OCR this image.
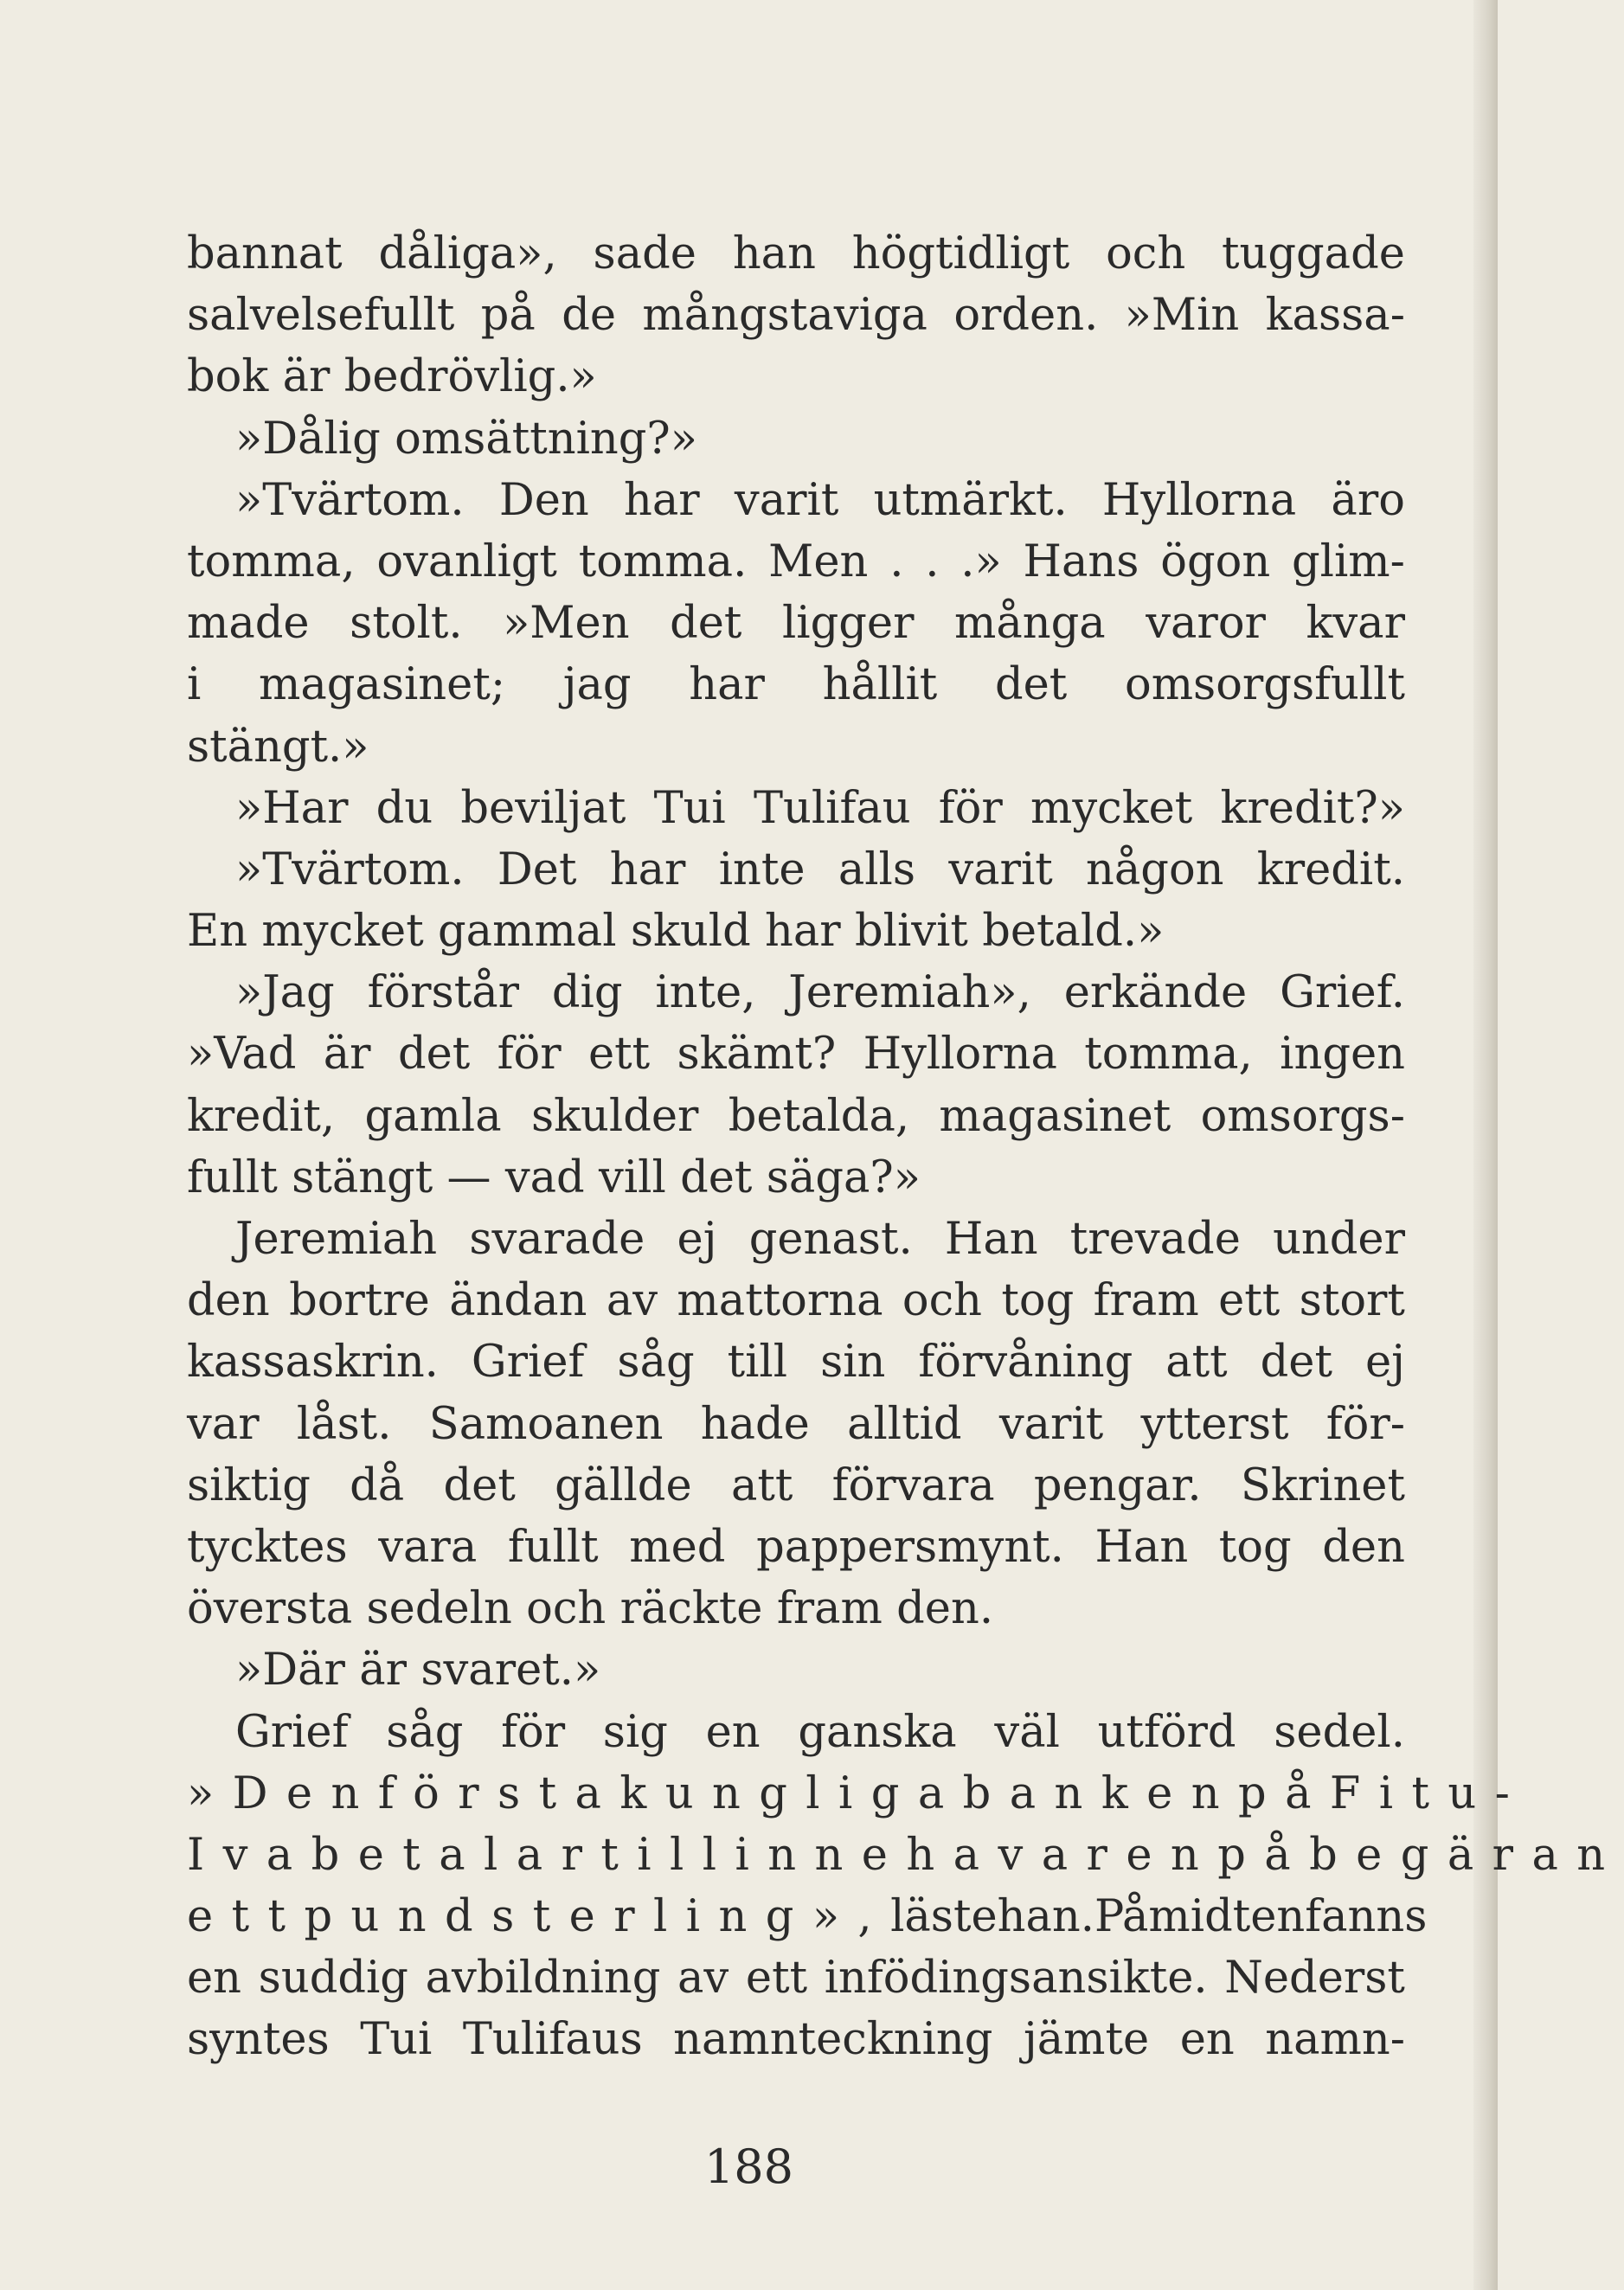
bannat dåliga», sade han högtidligt och tuggade
salvelsefullt på de mångstaviga orden. »Min kassa-
bok är bedrövlig.»
»Dålig omsättning?»
»Tvärtom. Den har varit utmärkt. Hyllorna äro
tomma, ovanligt tomma. Men . . .» Hans ögon glim-
made stolt. »Men det ligger många varor kvar
i magasinet; jag har hållit det omsorgsfullt
stängt.»
»Har du beviljat Tui Tulifau för mycket kredit?»
»Tvärtom. Det har inte alls varit någon kredit.
En mycket gammal skuld har blivit betald.»
»Jag förstår dig inte, Jeremiah», erkände Grief.
»Vad är det för ett skämt? Hyllorna tomma, ingen
kredit, gamla skulder betalda, magasinet omsorgs-
fullt stängt — vad vill det säga?»
Jeremiah svarade ej genast. Han trevade under
den bortre ändan av mattorna och tog fram ett stort
kassaskrin. Grief såg till sin förvåning att det ej
var låst. Samoanen hade alltid varit ytterst för-
siktig då det gällde att förvara pengar. Skrinet
tycktes vara fullt med pappersmynt. Han tog den
översta sedeln och räckte fram den.
»Där är svaret.»
Grief såg för sig en ganska väl utförd sedel.
»Den första kungliga banken på Fitu-
Iva betalar till innehavaren på begäran
ett pund sterling», läste han. På midten fanns
en suddig avbildning av ett infödingsansikte. Nederst
syntes Tui Tulifaus namnteckning jämte en namn-
188
